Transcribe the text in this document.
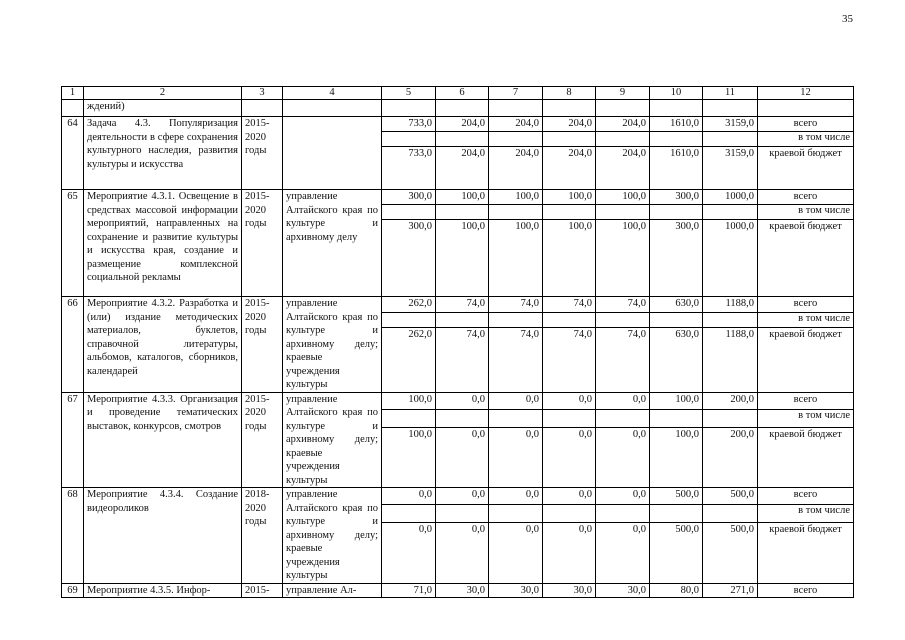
35
1	2	3	4	5	6	7	8	9	10	11	12
	ждений)										
64	Задача 4.3. Популяризация деятельности в сфере сохранения культурного наследия, развития культуры и искусства	2015-2020 годы		733,0	204,0	204,0	204,0	204,0	1610,0	3159,0	всего
											в том числе
				733,0	204,0	204,0	204,0	204,0	1610,0	3159,0	краевой бюджет
65	Мероприятие 4.3.1. Освещение в средствах массовой информации мероприятий, направленных на сохранение и развитие культуры и искусства края, создание и размещение комплексной социальной рекламы	2015-2020 годы	управление Алтайского края по культуре и архивному делу	300,0	100,0	100,0	100,0	100,0	300,0	1000,0	всего
											в том числе
				300,0	100,0	100,0	100,0	100,0	300,0	1000,0	краевой бюджет
66	Мероприятие 4.3.2. Разработка и (или) издание методических материалов, буклетов, справочной литературы, альбомов, каталогов, сборников, календарей	2015-2020 годы	управление Алтайского края по культуре и архивному делу; краевые учреждения культуры	262,0	74,0	74,0	74,0	74,0	630,0	1188,0	всего
											в том числе
				262,0	74,0	74,0	74,0	74,0	630,0	1188,0	краевой бюджет
67	Мероприятие 4.3.3. Организация и проведение тематических выставок, конкурсов, смотров	2015-2020 годы	управление Алтайского края по культуре и архивному делу; краевые учреждения культуры	100,0	0,0	0,0	0,0	0,0	100,0	200,0	всего
											в том числе
				100,0	0,0	0,0	0,0	0,0	100,0	200,0	краевой бюджет
68	Мероприятие 4.3.4. Создание видеороликов	2018-2020 годы	управление Алтайского края по культуре и архивному делу; краевые учреждения культуры	0,0	0,0	0,0	0,0	0,0	500,0	500,0	всего
											в том числе
				0,0	0,0	0,0	0,0	0,0	500,0	500,0	краевой бюджет
69	Мероприятие 4.3.5. Инфор-	2015-	управление Ал-	71,0	30,0	30,0	30,0	30,0	80,0	271,0	всего
